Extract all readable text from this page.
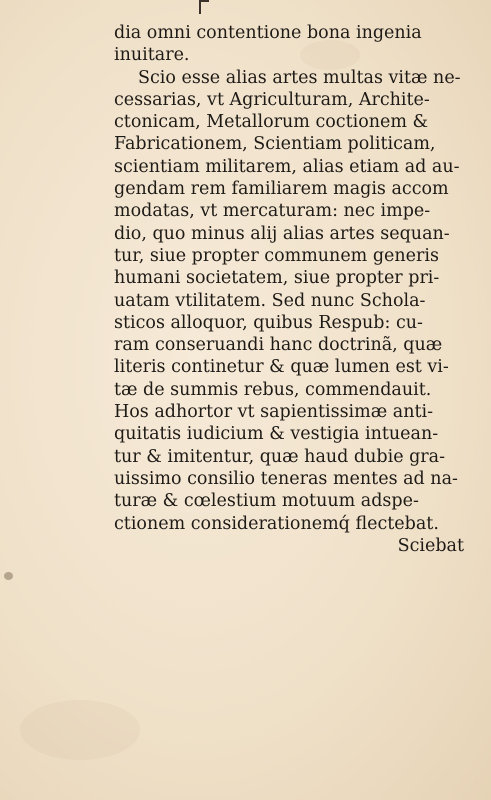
dia omni contentione bona ingenia
inuitare.
Scio esse alias artes multas vitæ ne-
cessarias, vt Agriculturam, Archite-
ctonicam, Metallorum coctionem &
Fabricationem, Scientiam politicam,
scientiam militarem, alias etiam ad au-
gendam rem familiarem magis accom
modatas, vt mercaturam: nec impe-
dio, quo minus alij alias artes sequan-
tur, siue propter communem generis
humani societatem, siue propter pri-
uatam vtilitatem. Sed nunc Schola-
sticos alloquor, quibus Respub: cu-
ram conseruandi hanc doctrinã, quæ
literis continetur & quæ lumen est vi-
tæ de summis rebus, commendauit.
Hos adhortor vt sapientissimæ anti-
quitatis iudicium & vestigia intuean-
tur & imitentur, quæ haud dubie gra-
uissimo consilio teneras mentes ad na-
turæ & cœlestium motuum adspe-
ctionem considerationemq́ flectebat.
Sciebat
